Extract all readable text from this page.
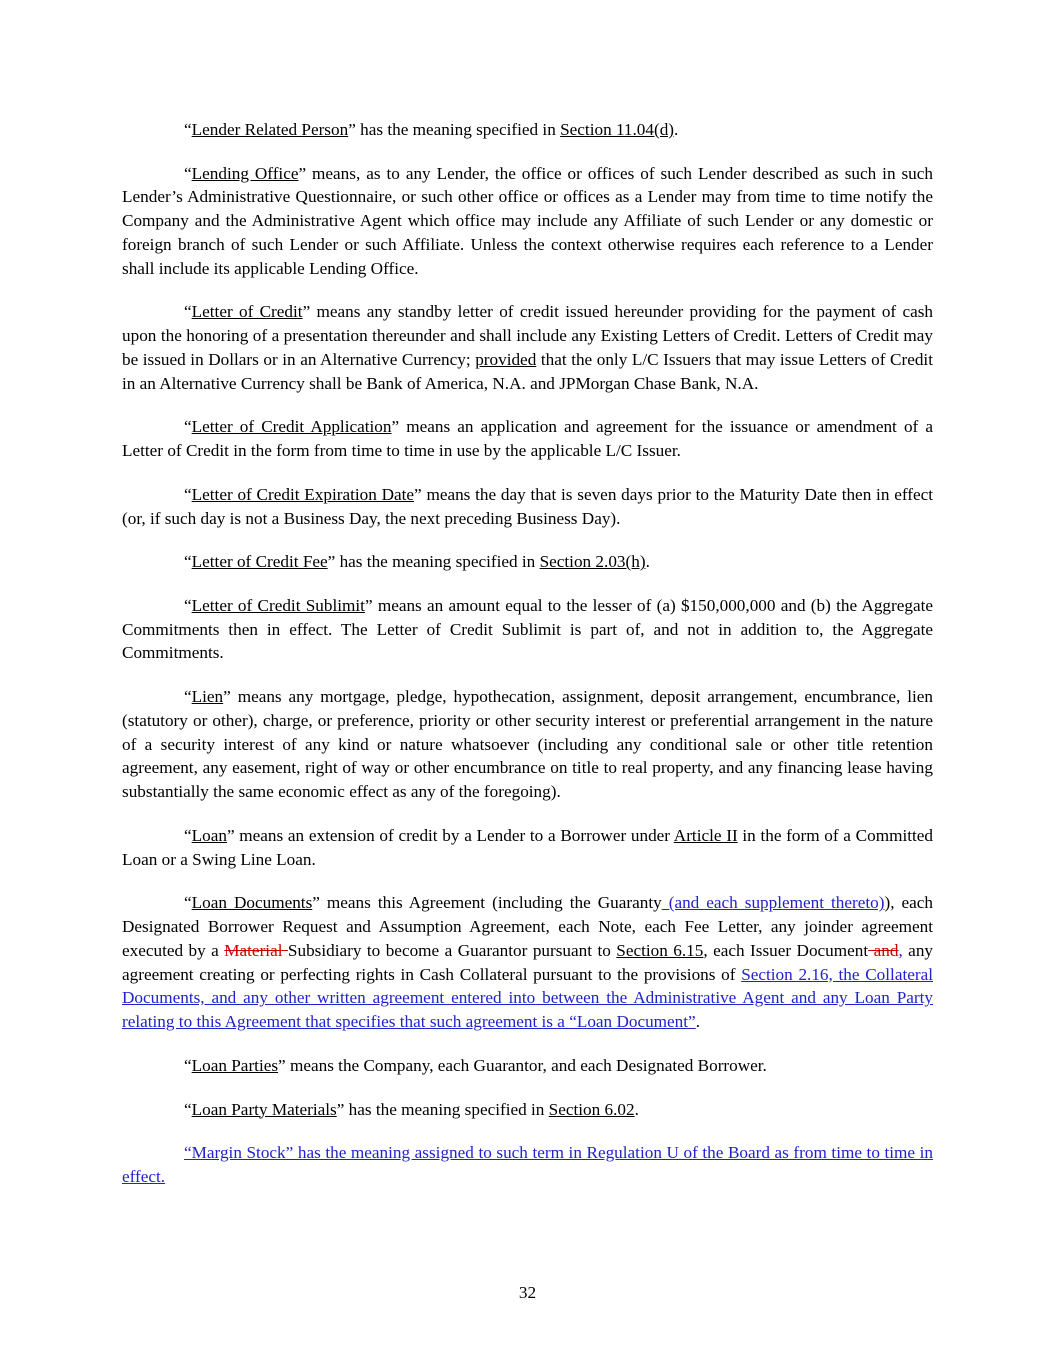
“Lender Related Person” has the meaning specified in Section 11.04(d).

“Lending Office” means, as to any Lender, the office or offices of such Lender described as such in such Lender’s Administrative Questionnaire, or such other office or offices as a Lender may from time to time notify the Company and the Administrative Agent which office may include any Affiliate of such Lender or any domestic or foreign branch of such Lender or such Affiliate. Unless the context otherwise requires each reference to a Lender shall include its applicable Lending Office.

“Letter of Credit” means any standby letter of credit issued hereunder providing for the payment of cash upon the honoring of a presentation thereunder and shall include any Existing Letters of Credit. Letters of Credit may be issued in Dollars or in an Alternative Currency; provided that the only L/C Issuers that may issue Letters of Credit in an Alternative Currency shall be Bank of America, N.A. and JPMorgan Chase Bank, N.A.

“Letter of Credit Application” means an application and agreement for the issuance or amendment of a Letter of Credit in the form from time to time in use by the applicable L/C Issuer.

“Letter of Credit Expiration Date” means the day that is seven days prior to the Maturity Date then in effect (or, if such day is not a Business Day, the next preceding Business Day).

“Letter of Credit Fee” has the meaning specified in Section 2.03(h).

“Letter of Credit Sublimit” means an amount equal to the lesser of (a) $150,000,000 and (b) the Aggregate Commitments then in effect. The Letter of Credit Sublimit is part of, and not in addition to, the Aggregate Commitments.

“Lien” means any mortgage, pledge, hypothecation, assignment, deposit arrangement, encumbrance, lien (statutory or other), charge, or preference, priority or other security interest or preferential arrangement in the nature of a security interest of any kind or nature whatsoever (including any conditional sale or other title retention agreement, any easement, right of way or other encumbrance on title to real property, and any financing lease having substantially the same economic effect as any of the foregoing).

“Loan” means an extension of credit by a Lender to a Borrower under Article II in the form of a Committed Loan or a Swing Line Loan.

“Loan Documents” means this Agreement (including the Guaranty (and each supplement thereto)), each Designated Borrower Request and Assumption Agreement, each Note, each Fee Letter, any joinder agreement executed by a Material Subsidiary to become a Guarantor pursuant to Section 6.15, each Issuer Document and, any agreement creating or perfecting rights in Cash Collateral pursuant to the provisions of Section 2.16, the Collateral Documents, and any other written agreement entered into between the Administrative Agent and any Loan Party relating to this Agreement that specifies that such agreement is a “Loan Document”.

“Loan Parties” means the Company, each Guarantor, and each Designated Borrower.

“Loan Party Materials” has the meaning specified in Section 6.02.

“Margin Stock” has the meaning assigned to such term in Regulation U of the Board as from time to time in effect.

32
